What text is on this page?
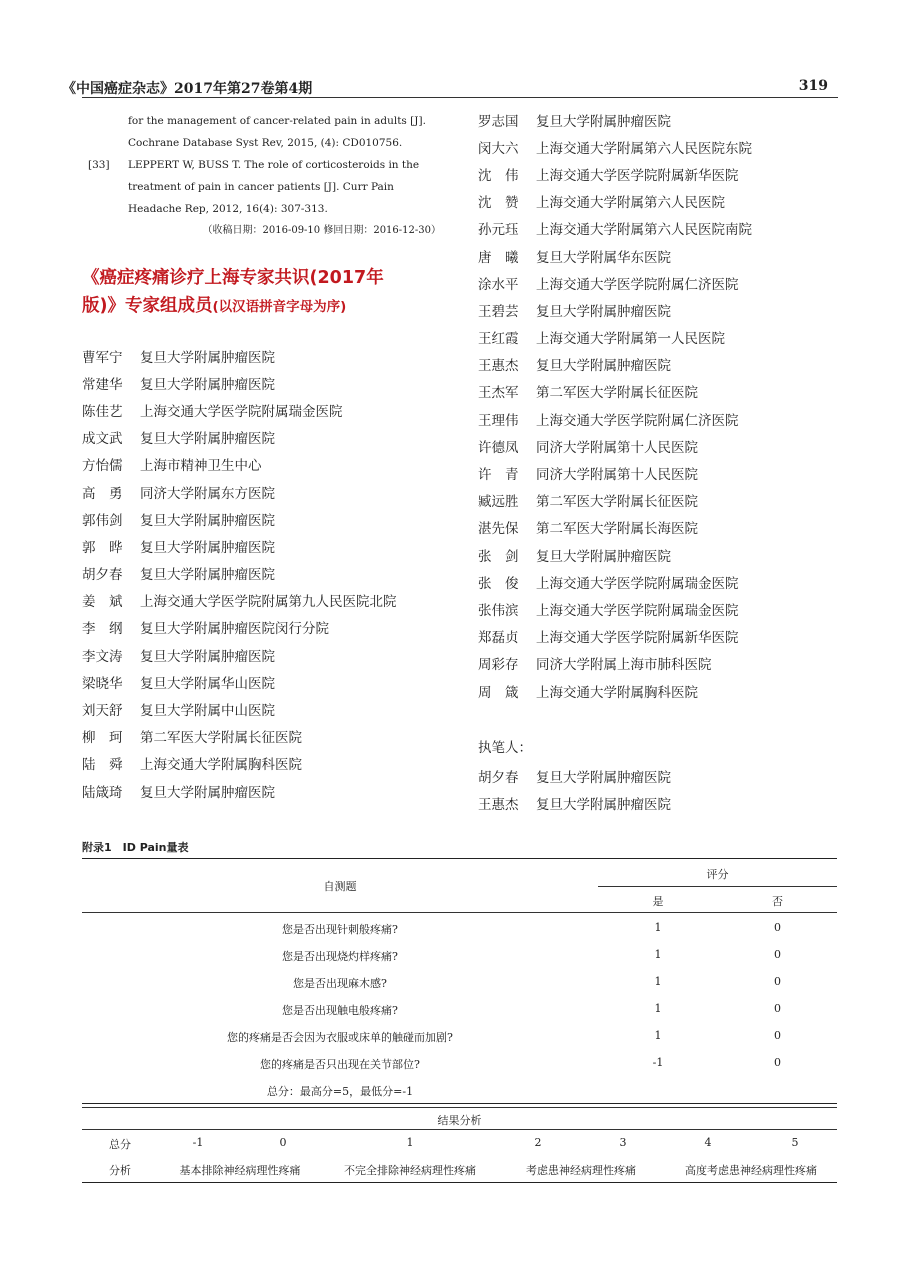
《中国癌症杂志》2017年第27卷第4期	319
for the management of cancer-related pain in adults [J].
Cochrane Database Syst Rev, 2015, (4): CD010756.
[33]	LEPPERT W, BUSS T. The role of corticosteroids in the
treatment of pain in cancer patients [J]. Curr Pain
Headache Rep, 2012, 16(4): 307-313.
（收稿日期：2016-09-10 修回日期：2016-12-30）
《癌症疼痛诊疗上海专家共识(2017年
版)》专家组成员(以汉语拼音字母为序)
曹军宁	复旦大学附属肿瘤医院
常建华	复旦大学附属肿瘤医院
陈佳艺	上海交通大学医学院附属瑞金医院
成文武	复旦大学附属肿瘤医院
方怡儒	上海市精神卫生中心
高　勇	同济大学附属东方医院
郭伟剑	复旦大学附属肿瘤医院
郭　晔	复旦大学附属肿瘤医院
胡夕春	复旦大学附属肿瘤医院
姜　斌	上海交通大学医学院附属第九人民医院北院
李　纲	复旦大学附属肿瘤医院闵行分院
李文涛	复旦大学附属肿瘤医院
梁晓华	复旦大学附属华山医院
刘天舒	复旦大学附属中山医院
柳　珂	第二军医大学附属长征医院
陆　舜	上海交通大学附属胸科医院
陆箴琦	复旦大学附属肿瘤医院
罗志国	复旦大学附属肿瘤医院
闵大六	上海交通大学附属第六人民医院东院
沈　伟	上海交通大学医学院附属新华医院
沈　赞	上海交通大学附属第六人民医院
孙元珏	上海交通大学附属第六人民医院南院
唐　曦	复旦大学附属华东医院
涂水平	上海交通大学医学院附属仁济医院
王碧芸	复旦大学附属肿瘤医院
王红霞	上海交通大学附属第一人民医院
王惠杰	复旦大学附属肿瘤医院
王杰军	第二军医大学附属长征医院
王理伟	上海交通大学医学院附属仁济医院
许德凤	同济大学附属第十人民医院
许　青	同济大学附属第十人民医院
臧远胜	第二军医大学附属长征医院
湛先保	第二军医大学附属长海医院
张　剑	复旦大学附属肿瘤医院
张　俊	上海交通大学医学院附属瑞金医院
张伟滨	上海交通大学医学院附属瑞金医院
郑磊贞	上海交通大学医学院附属新华医院
周彩存	同济大学附属上海市肺科医院
周　箴	上海交通大学附属胸科医院
执笔人：
胡夕春	复旦大学附属肿瘤医院
王惠杰	复旦大学附属肿瘤医院
附录1　ID Pain量表
自测题
评分
是	否
您是否出现针刺般疼痛?	1	0
您是否出现烧灼样疼痛?	1	0
您是否出现麻木感?	1	0
您是否出现触电般疼痛?	1	0
您的疼痛是否会因为衣服或床单的触碰而加剧?	1	0
您的疼痛是否只出现在关节部位?	-1	0
总分：最高分=5，最低分=-1
结果分析
总分	-1	0	1	2	3	4	5
分析	基本排除神经病理性疼痛	不完全排除神经病理性疼痛	考虑患神经病理性疼痛	高度考虑患神经病理性疼痛
